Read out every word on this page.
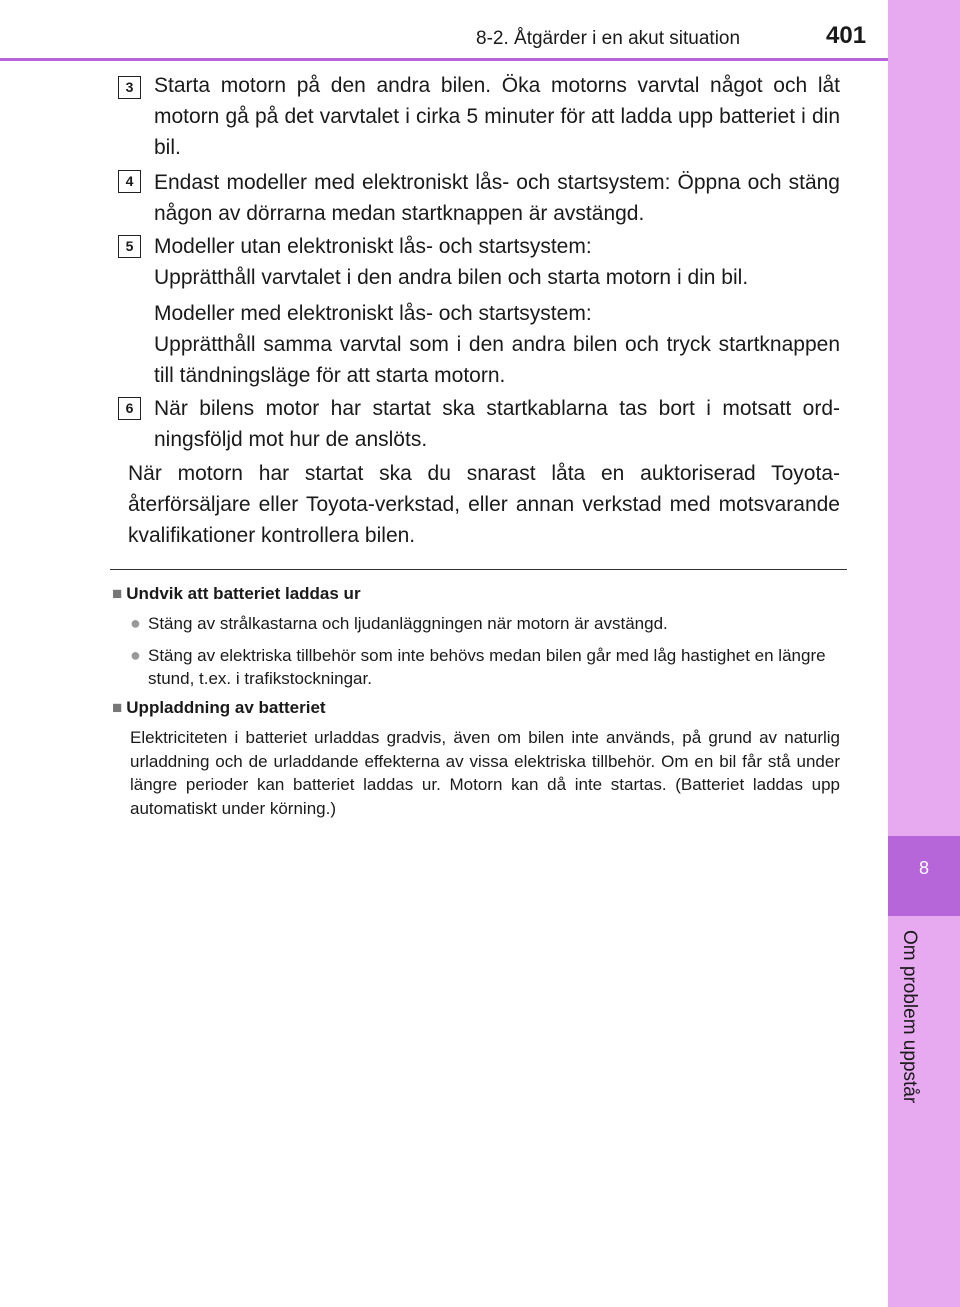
8
Om problem uppstår
8-2. Åtgärder i en akut situation	401
3 Starta motorn på den andra bilen. Öka motorns varvtal något och låt motorn gå på det varvtalet i cirka 5 minuter för att ladda upp batteriet i din bil.

4 Endast modeller med elektroniskt lås- och startsystem: Öppna och stäng någon av dörrarna medan startknappen är avstängd.

5 Modeller utan elektroniskt lås- och startsystem:
Upprätthåll varvtalet i den andra bilen och starta motorn i din bil.

Modeller med elektroniskt lås- och startsystem:
Upprätthåll samma varvtal som i den andra bilen och tryck startknappen till tändningsläge för att starta motorn.

6 När bilens motor har startat ska startkablarna tas bort i motsatt ordningsföljd mot hur de anslöts.

När motorn har startat ska du snarast låta en auktoriserad Toyota-återförsäljare eller Toyota-verkstad, eller annan verkstad med motsvarande kvalifikationer kontrollera bilen.

■ Undvik att batteriet laddas ur
● Stäng av strålkastarna och ljudanläggningen när motorn är avstängd.
● Stäng av elektriska tillbehör som inte behövs medan bilen går med låg hastighet en längre stund, t.ex. i trafikstockningar.
■ Uppladdning av batteriet

Elektriciteten i batteriet urladdas gradvis, även om bilen inte används, på grund av naturlig urladdning och de urladdande effekterna av vissa elektriska tillbehör. Om en bil får stå under längre perioder kan batteriet laddas ur. Motorn kan då inte startas. (Batteriet laddas upp automatiskt under körning.)
